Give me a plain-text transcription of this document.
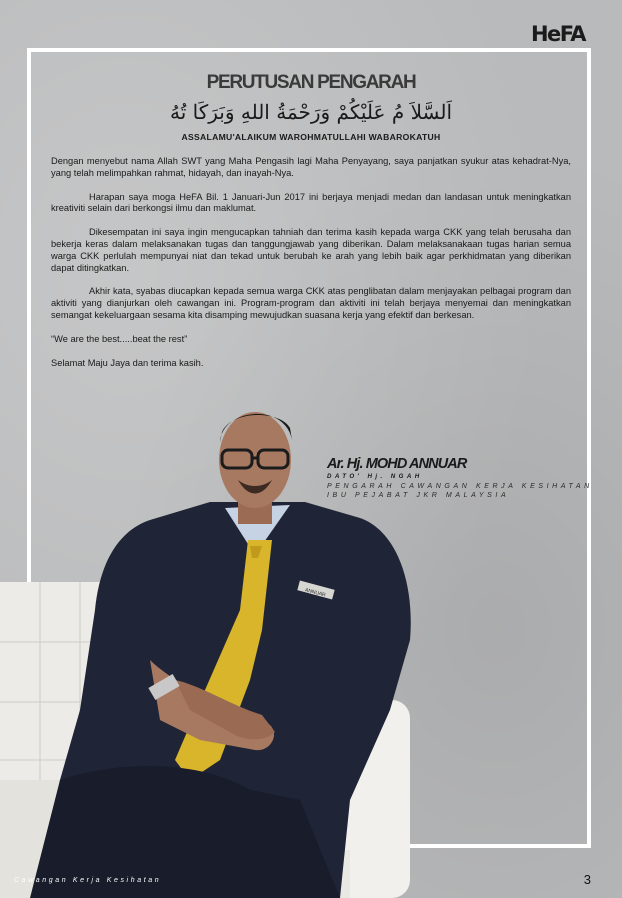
HeFA
PERUTUSAN PENGARAH
اَلسَّلاَ مُ عَلَيْكُمْ وَرَحْمَةُ اللهِ وَبَرَكَا تُهُ
ASSALAMU'ALAIKUM WAROHMATULLAHI WABAROKATUH

Dengan menyebut nama Allah SWT yang Maha Pengasih lagi Maha Penyayang, saya panjatkan syukur atas kehadrat-Nya, yang telah melimpahkan rahmat, hidayah, dan inayah-Nya.

Harapan saya moga HeFA Bil. 1 Januari-Jun 2017 ini berjaya menjadi medan dan landasan untuk meningkatkan kreativiti selain dari berkongsi ilmu dan maklumat.

Dikesempatan ini saya ingin mengucapkan tahniah dan terima kasih kepada warga CKK yang telah berusaha dan bekerja keras dalam melaksanakan tugas dan tanggungjawab yang diberikan. Dalam melaksanakaan tugas harian semua warga CKK perlulah mempunyai niat dan tekad untuk berubah ke arah yang lebih baik agar perkhidmatan yang diberikan dapat ditingkatkan.

Akhir kata, syabas diucapkan kepada semua warga CKK atas penglibatan dalam menjayakan pelbagai program dan aktiviti yang dianjurkan oleh cawangan ini. Program-program dan aktiviti ini telah berjaya menyemai dan meningkatkan semangat kekeluargaan sesama kita disamping mewujudkan suasana kerja yang efektif dan berkesan.

“We are the best.....beat the rest”

Selamat Maju Jaya dan terima kasih.

ANNUAR
Ar. Hj. MOHD ANNUAR
DATO' Hj. NGAH
PENGARAH CAWANGAN KERJA KESIHATAN
IBU PEJABAT JKR MALAYSIA
Cawangan Kerja Kesihatan	3
